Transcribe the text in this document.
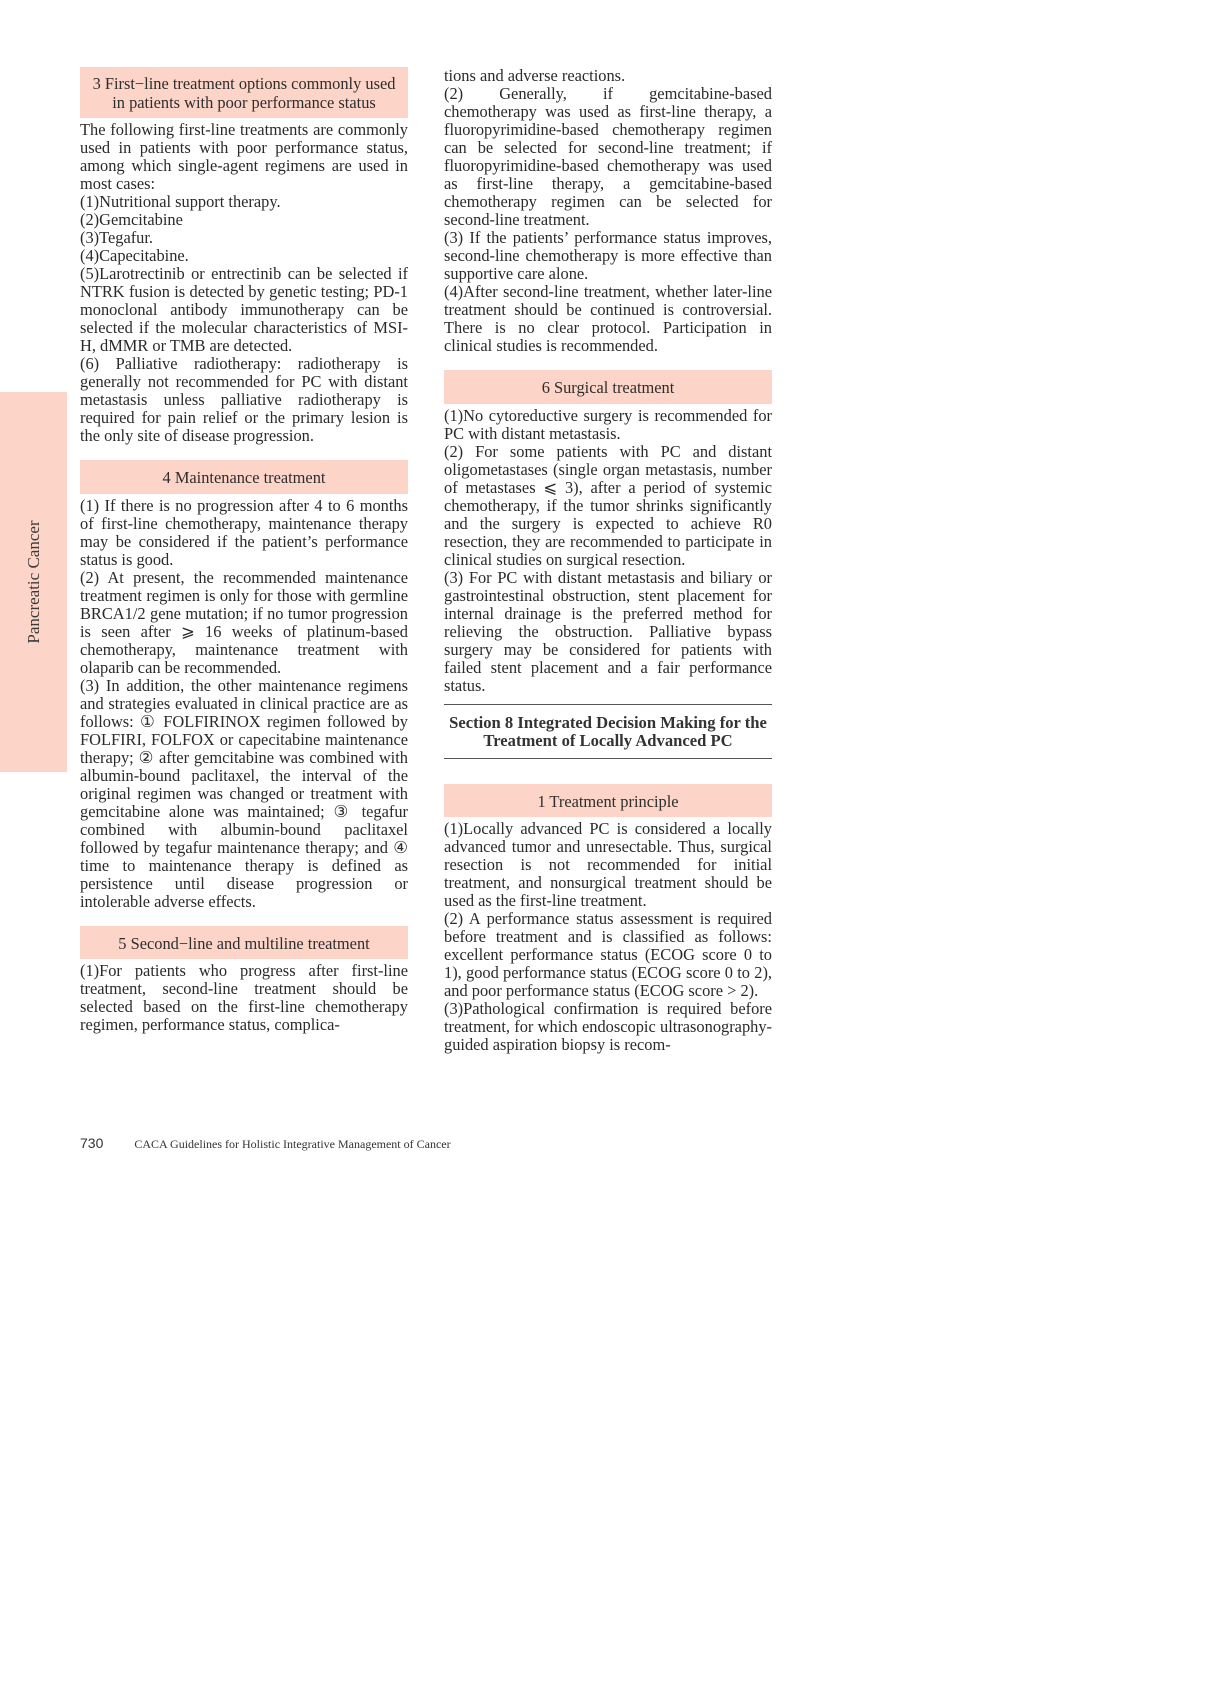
Pancreatic Cancer
3 First−line treatment options commonly used in patients with poor performance status

The following first-line treatments are commonly used in patients with poor performance status, among which single-agent regimens are used in most cases:

(1)Nutritional support therapy.

(2)Gemcitabine

(3)Tegafur.

(4)Capecitabine.

(5)Larotrectinib or entrectinib can be selected if NTRK fusion is detected by genetic testing; PD-1 monoclonal antibody immunotherapy can be selected if the molecular characteristics of MSI-H, dMMR or TMB are detected.

(6) Palliative radiotherapy: radiotherapy is generally not recommended for PC with distant metastasis unless palliative radiotherapy is required for pain relief or the primary lesion is the only site of disease progression.

4 Maintenance treatment

(1) If there is no progression after 4 to 6 months of first-line chemotherapy, maintenance therapy may be considered if the patient’s performance status is good.

(2) At present, the recommended maintenance treatment regimen is only for those with germline BRCA1/2 gene mutation; if no tumor progression is seen after ⩾ 16 weeks of platinum-based chemotherapy, maintenance treatment with olaparib can be recommended.

(3) In addition, the other maintenance regimens and strategies evaluated in clinical practice are as follows: ① FOLFIRINOX regimen followed by FOLFIRI, FOLFOX or capecitabine maintenance therapy; ② after gemcitabine was combined with albumin-bound paclitaxel, the interval of the original regimen was changed or treatment with gemcitabine alone was maintained; ③ tegafur combined with albumin-bound paclitaxel followed by tegafur maintenance therapy; and ④ time to maintenance therapy is defined as persistence until disease progression or intolerable adverse effects.

5 Second−line and multiline treatment

(1)For patients who progress after first-line treatment, second-line treatment should be selected based on the first-line chemotherapy regimen, performance status, complica-

tions and adverse reactions.

(2) Generally, if gemcitabine-based chemotherapy was used as first-line therapy, a fluoropyrimidine-based chemotherapy regimen can be selected for second-line treatment; if fluoropyrimidine-based chemotherapy was used as first-line therapy, a gemcitabine-based chemotherapy regimen can be selected for second-line treatment.

(3) If the patients’ performance status improves, second-line chemotherapy is more effective than supportive care alone.

(4)After second-line treatment, whether later-line treatment should be continued is controversial. There is no clear protocol. Participation in clinical studies is recommended.

6 Surgical treatment

(1)No cytoreductive surgery is recommended for PC with distant metastasis.

(2) For some patients with PC and distant oligometastases (single organ metastasis, number of metastases ⩽ 3), after a period of systemic chemotherapy, if the tumor shrinks significantly and the surgery is expected to achieve R0 resection, they are recommended to participate in clinical studies on surgical resection.

(3) For PC with distant metastasis and biliary or gastrointestinal obstruction, stent placement for internal drainage is the preferred method for relieving the obstruction. Palliative bypass surgery may be considered for patients with failed stent placement and a fair performance status.

Section 8 Integrated Decision Making for the Treatment of Locally Advanced PC
1 Treatment principle

(1)Locally advanced PC is considered a locally advanced tumor and unresectable. Thus, surgical resection is not recommended for initial treatment, and nonsurgical treatment should be used as the first-line treatment.

(2) A performance status assessment is required before treatment and is classified as follows: excellent performance status (ECOG score 0 to 1), good performance status (ECOG score 0 to 2), and poor performance status (ECOG score > 2).

(3)Pathological confirmation is required before treatment, for which endoscopic ultrasonography-guided aspiration biopsy is recom-

730	CACA Guidelines for Holistic Integrative Management of Cancer
